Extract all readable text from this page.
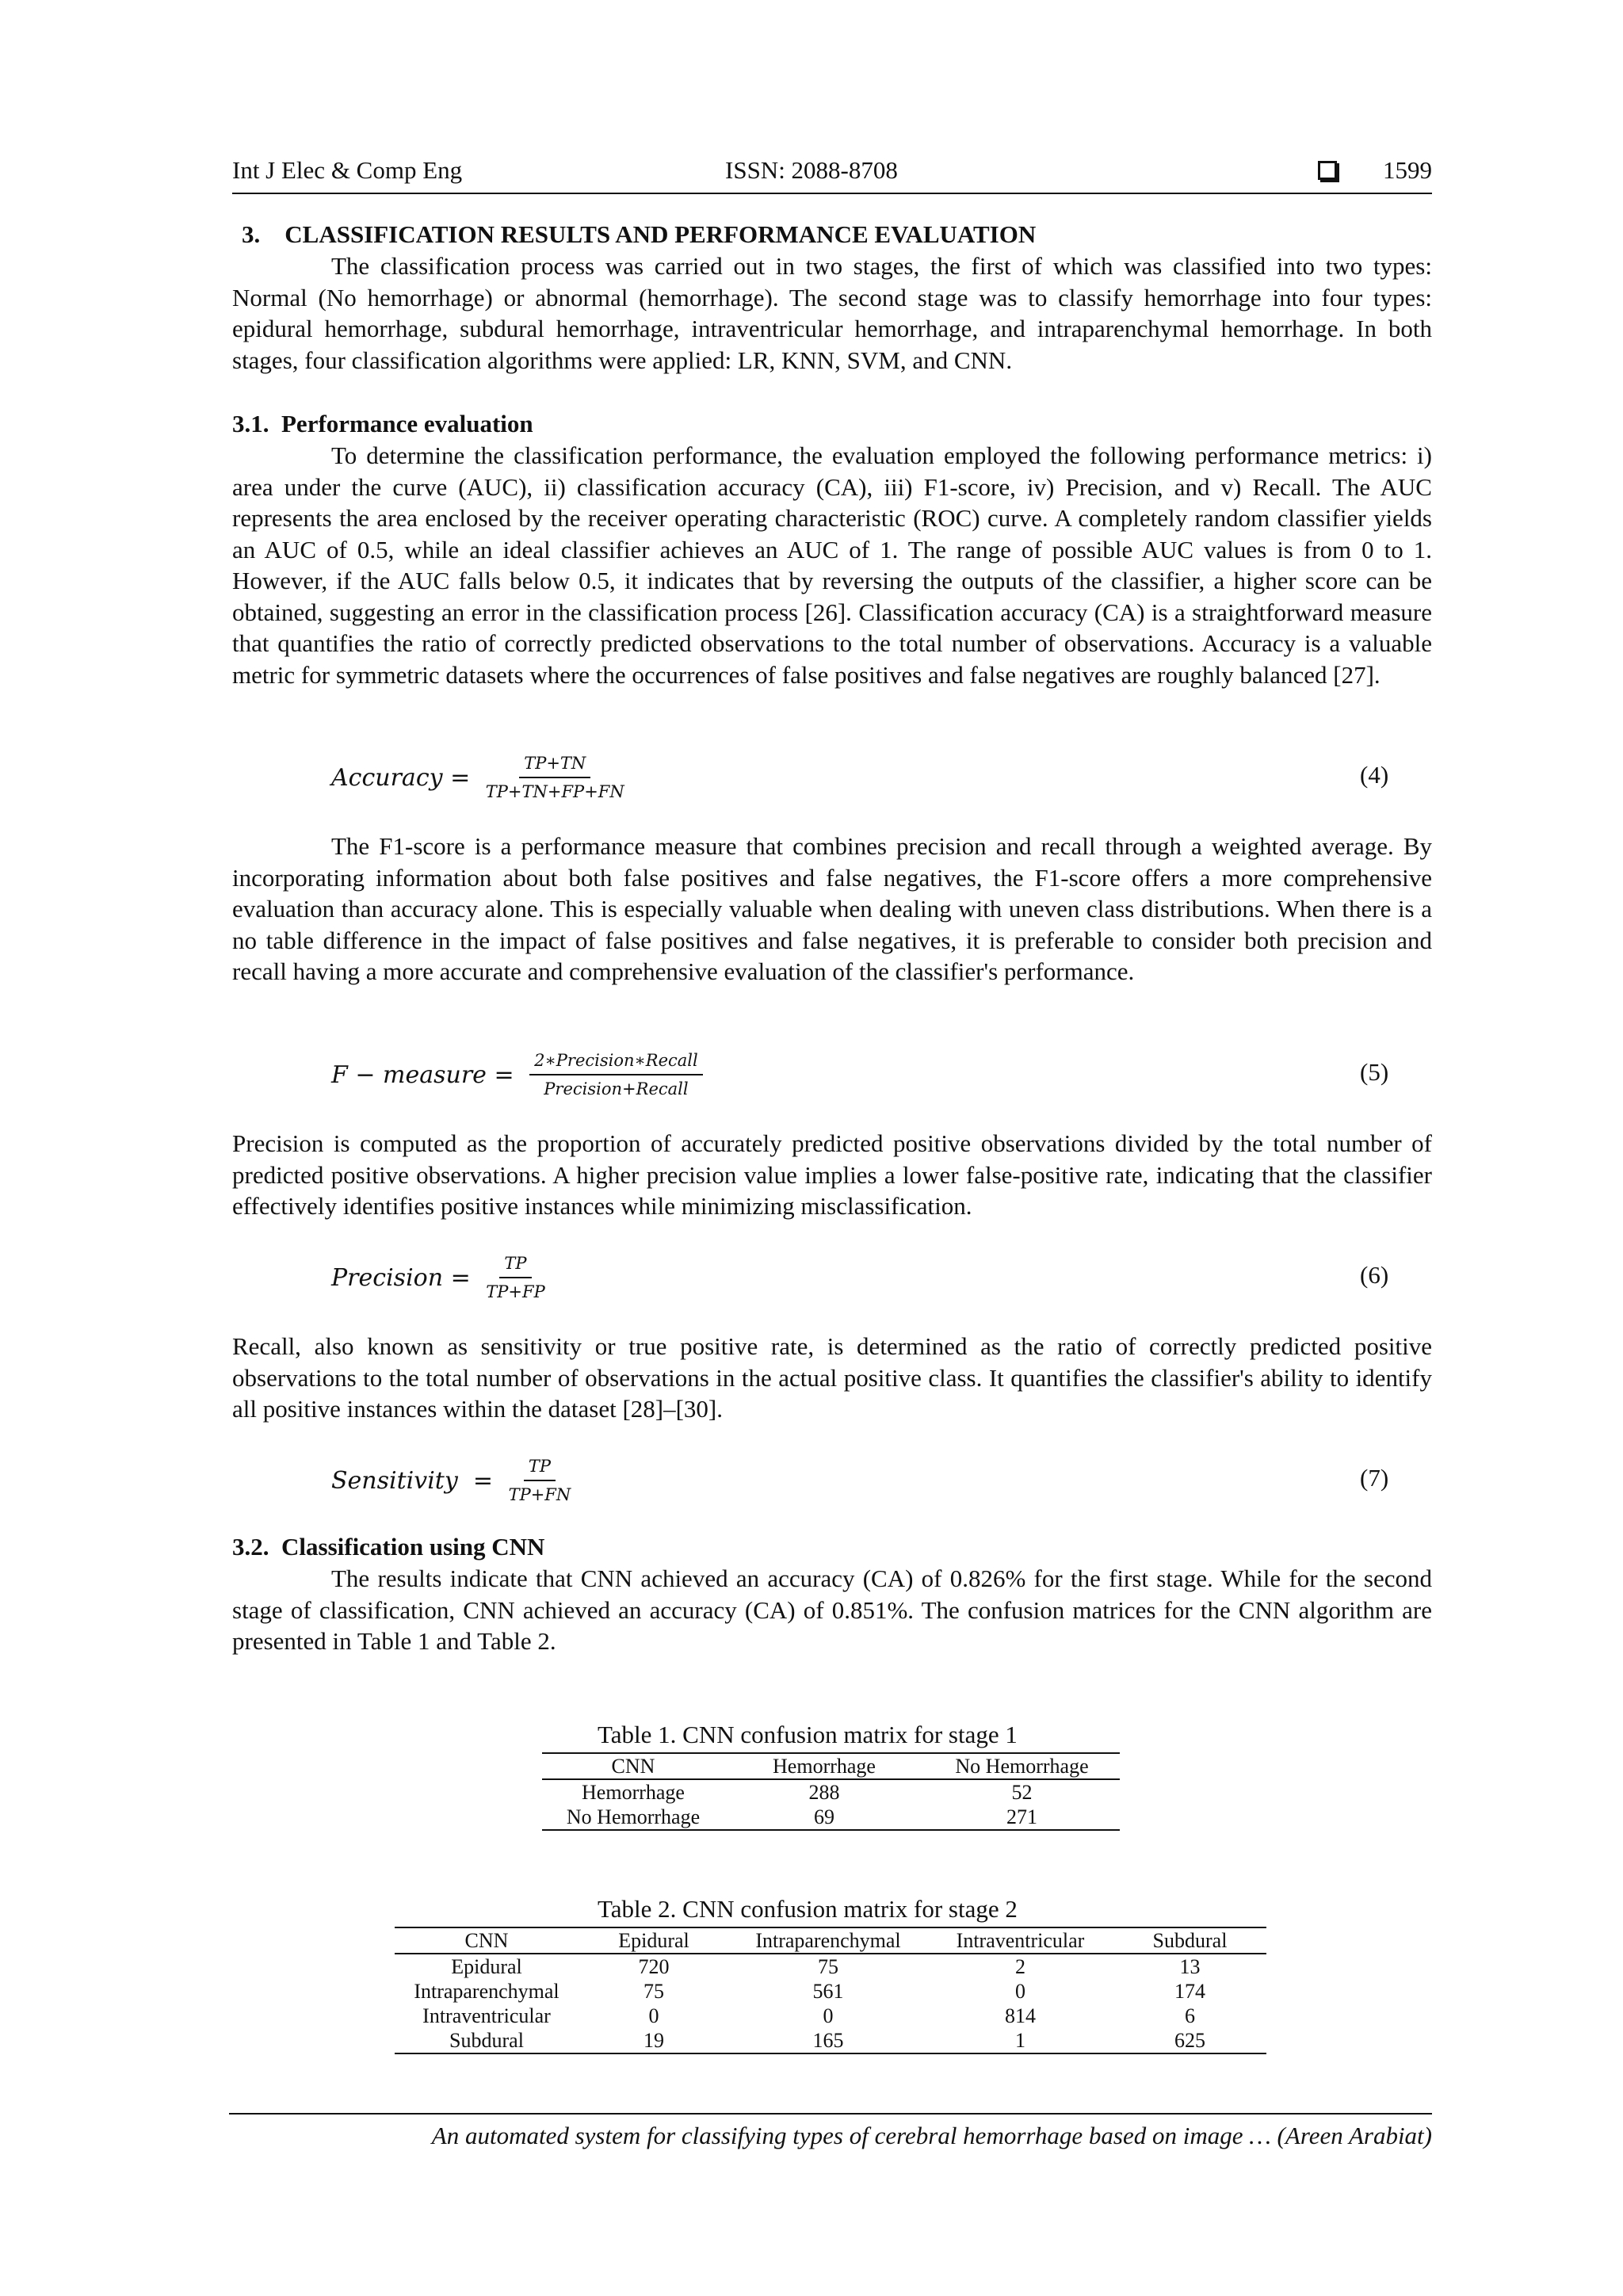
Int J Elec & Comp Eng	ISSN: 2088-8708	1599
3. CLASSIFICATION RESULTS AND PERFORMANCE EVALUATION

The classification process was carried out in two stages, the first of which was classified into two types: Normal (No hemorrhage) or abnormal (hemorrhage). The second stage was to classify hemorrhage into four types: epidural hemorrhage, subdural hemorrhage, intraventricular hemorrhage, and intraparenchymal hemorrhage. In both stages, four classification algorithms were applied: LR, KNN, SVM, and CNN.

3.1. Performance evaluation

To determine the classification performance, the evaluation employed the following performance metrics: i) area under the curve (AUC), ii) classification accuracy (CA), iii) F1-score, iv) Precision, and v) Recall. The AUC represents the area enclosed by the receiver operating characteristic (ROC) curve. A completely random classifier yields an AUC of 0.5, while an ideal classifier achieves an AUC of 1. The range of possible AUC values is from 0 to 1. However, if the AUC falls below 0.5, it indicates that by reversing the outputs of the classifier, a higher score can be obtained, suggesting an error in the classification process [26]. Classification accuracy (CA) is a straightforward measure that quantifies the ratio of correctly predicted observations to the total number of observations. Accuracy is a valuable metric for symmetric datasets where the occurrences of false positives and false negatives are roughly balanced [27].

Accuracy = $\frac{TP+TN}{TP+TN+FP+FN}$	(4)

The F1-score is a performance measure that combines precision and recall through a weighted average. By incorporating information about both false positives and false negatives, the F1-score offers a more comprehensive evaluation than accuracy alone. This is especially valuable when dealing with uneven class distributions. When there is a no table difference in the impact of false positives and false negatives, it is preferable to consider both precision and recall having a more accurate and comprehensive evaluation of the classifier's performance.

F − measure = $\frac{\text{2∗Precision∗Recall}}{\text{Precision+Recall}}$	(5)

Precision is computed as the proportion of accurately predicted positive observations divided by the total number of predicted positive observations. A higher precision value implies a lower false-positive rate, indicating that the classifier effectively identifies positive instances while minimizing misclassification.

Precision = $\frac{TP}{TP+FP}$	(6)

Recall, also known as sensitivity or true positive rate, is determined as the ratio of correctly predicted positive observations to the total number of observations in the actual positive class. It quantifies the classifier's ability to identify all positive instances within the dataset [28]–[30].

Sensitivity  = $\frac{TP}{TP+FN}$	(7)
3.2. Classification using CNN

The results indicate that CNN achieved an accuracy (CA) of 0.826% for the first stage. While for the second stage of classification, CNN achieved an accuracy (CA) of 0.851%. The confusion matrices for the CNN algorithm are presented in Table 1 and Table 2.

Table 1. CNN confusion matrix for stage 1
CNN	Hemorrhage	No Hemorrhage
Hemorrhage	288	52
No Hemorrhage	69	271
Table 2. CNN confusion matrix for stage 2
CNN	Epidural	Intraparenchymal	Intraventricular	Subdural
Epidural	720	75	2	13
Intraparenchymal	75	561	0	174
Intraventricular	0	0	814	6
Subdural	19	165	1	625
An automated system for classifying types of cerebral hemorrhage based on image … (Areen Arabiat)
